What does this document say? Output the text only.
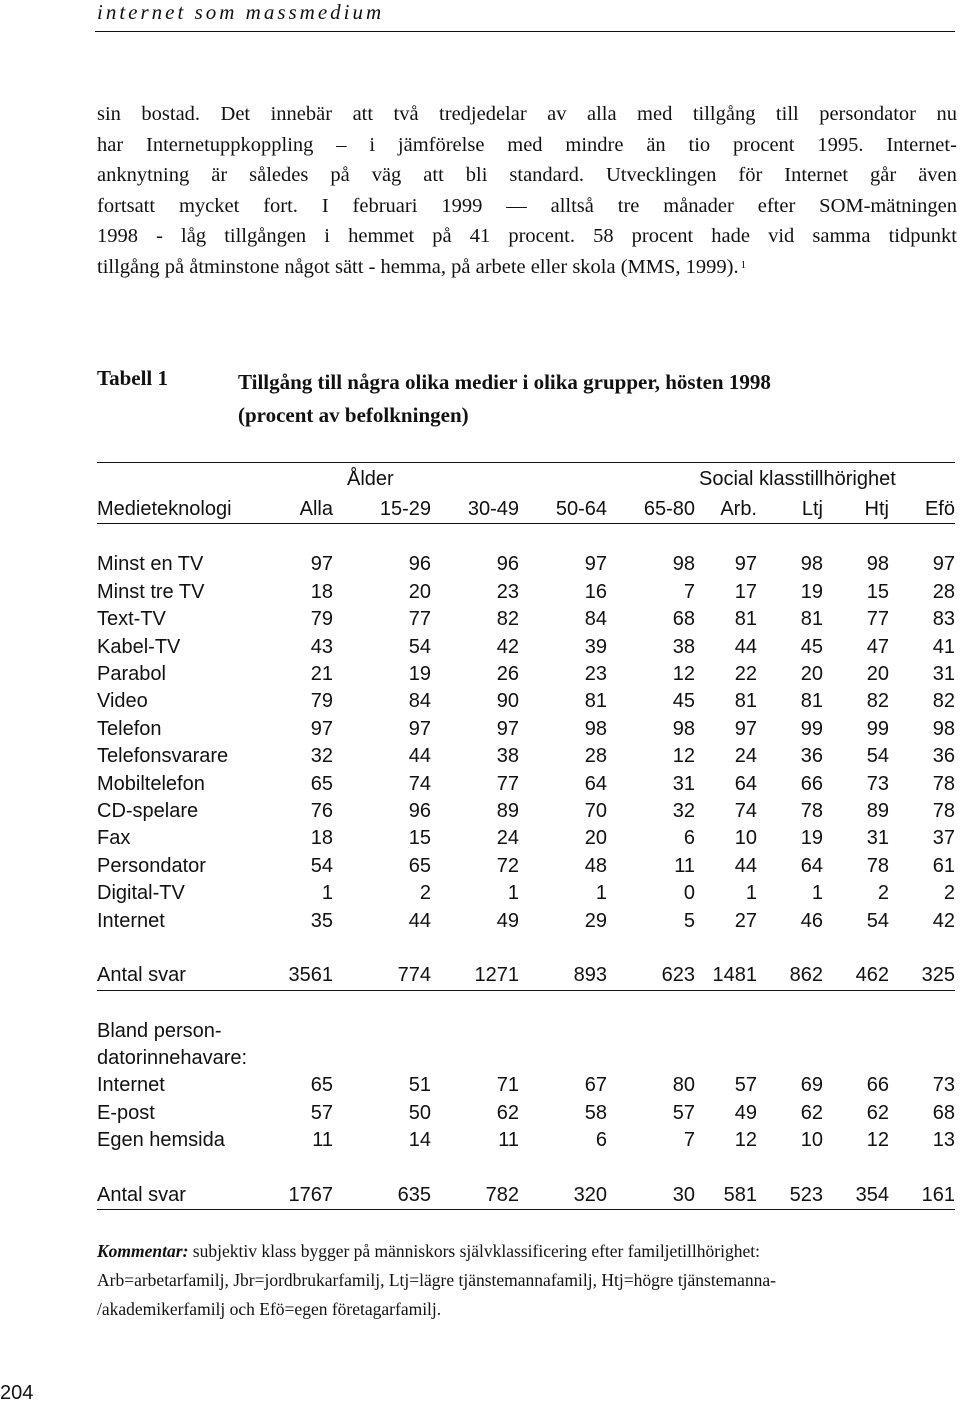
internet som massmedium
sin bostad. Det innebär att två tredjedelar av alla med tillgång till persondator nu
har Internetuppkoppling – i jämförelse med mindre än tio procent 1995. Internet-
anknytning är således på väg att bli standard. Utvecklingen för Internet går även
fortsatt mycket fort. I februari 1999 — alltså tre månader efter SOM-mätningen
1998 - låg tillgången i hemmet på 41 procent. 58 procent hade vid samma tidpunkt
tillgång på åtminstone något sätt - hemma, på arbete eller skola (MMS, 1999). $^1$
Tabell 1	Tillgång till några olika medier i olika grupper, hösten 1998
(procent av befolkningen)
		Ålder				Social klasstillhörighet			
Medieteknologi	Alla	15-29	30-49	50-64	65-80	Arb.	Ltj	Htj	Efö

Minst en TV	97	96	96	97	98	97	98	98	97
Minst tre TV	18	20	23	16	7	17	19	15	28
Text-TV	79	77	82	84	68	81	81	77	83
Kabel-TV	43	54	42	39	38	44	45	47	41
Parabol	21	19	26	23	12	22	20	20	31
Video	79	84	90	81	45	81	81	82	82
Telefon	97	97	97	98	98	97	99	99	98
Telefonsvarare	32	44	38	28	12	24	36	54	36
Mobiltelefon	65	74	77	64	31	64	66	73	78
CD-spelare	76	96	89	70	32	74	78	89	78
Fax	18	15	24	20	6	10	19	31	37
Persondator	54	65	72	48	11	44	64	78	61
Digital-TV	1	2	1	1	0	1	1	2	2
Internet	35	44	49	29	5	27	46	54	42

Antal svar	3561	774	1271	893	623	1481	862	462	325

Bland person-									
datorinnehavare:									
Internet	65	51	71	67	80	57	69	66	73
E-post	57	50	62	58	57	49	62	62	68
Egen hemsida	11	14	11	6	7	12	10	12	13

Antal svar	1767	635	782	320	30	581	523	354	161
Kommentar: subjektiv klass bygger på människors självklassificering efter familjetillhörighet:
Arb=arbetarfamilj, Jbr=jordbrukarfamilj, Ltj=lägre tjänstemannafamilj, Htj=högre tjänstemanna-
/akademikerfamilj och Efö=egen företagarfamilj.
204
